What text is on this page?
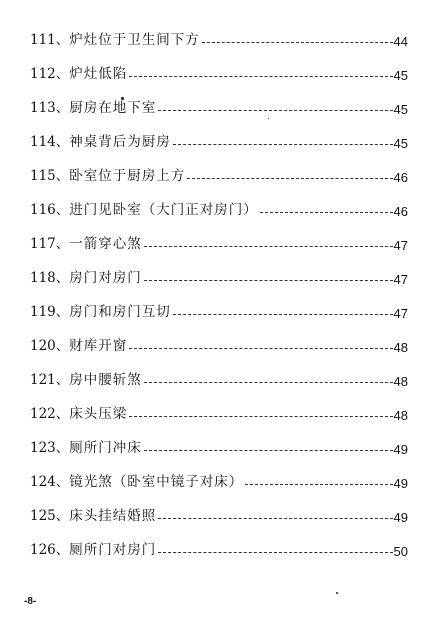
111、 炉灶位于卫生间下方	44
112、 炉灶低陷	45
113、 厨房在地下室	45
114、 神桌背后为厨房	45
115、 卧室位于厨房上方	46
116、 进门见卧室（大门正对房门）	46
117、 一箭穿心煞	47
118、 房门对房门	47
119、 房门和房门互切	47
120、 财库开窗	48
121、 房中腰斩煞	48
122、 床头压梁	48
123、 厕所门冲床	49
124、 镜光煞（卧室中镜子对床）	49
125、 床头挂结婚照	49
126、 厕所门对房门	50
-8-
